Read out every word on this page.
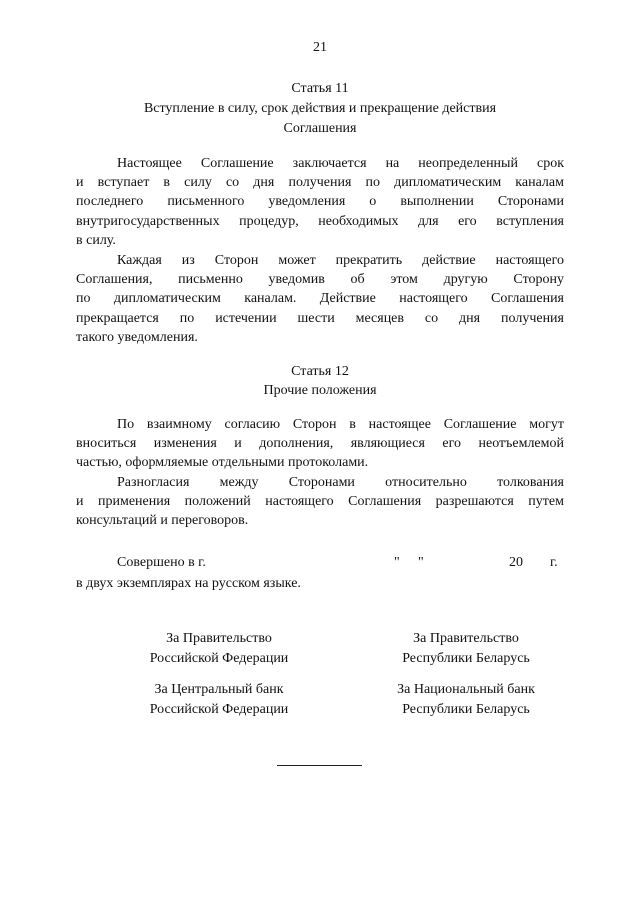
21
Статья 11
Вступление в силу, срок действия и прекращение действия
Соглашения
Настоящее Соглашение заключается на неопределенный срок
и вступает в силу со дня получения по дипломатическим каналам
последнего письменного уведомления о выполнении Сторонами
внутригосударственных процедур, необходимых для его вступления
в силу.
Каждая из Сторон может прекратить действие настоящего
Соглашения, письменно уведомив об этом другую Сторону
по дипломатическим каналам. Действие настоящего Соглашения
прекращается по истечении шести месяцев со дня получения
такого уведомления.
Статья 12
Прочие положения
По взаимному согласию Сторон в настоящее Соглашение могут
вноситься изменения и дополнения, являющиеся его неотъемлемой
частью, оформляемые отдельными протоколами.
Разногласия между Сторонами относительно толкования
и применения положений настоящего Соглашения разрешаются путем
консультаций и переговоров.
Совершено в г.	" "	20 г.
в двух экземплярах на русском языке.
За Правительство
Российской Федерации
За Правительство
Республики Беларусь
За Центральный банк
Российской Федерации
За Национальный банк
Республики Беларусь
